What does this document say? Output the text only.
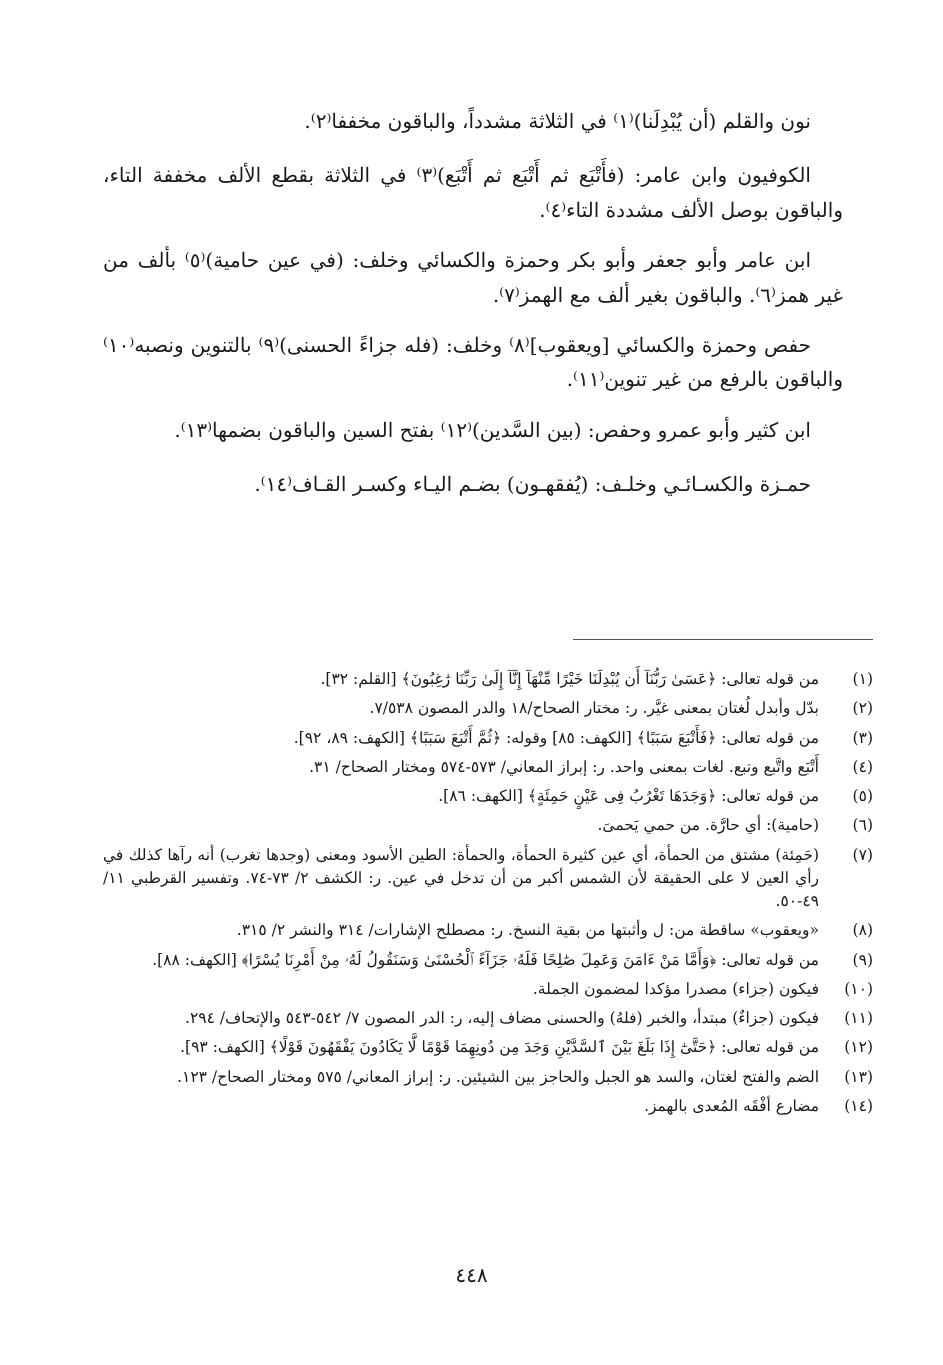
نون والقلم (أن يُبْدِلَنا)⁽١⁾ في الثلاثة مشدداً، والباقون مخففا⁽٢⁾.

الكوفيون وابن عامر: (فأَتْبَع ثم أَتْبَع ثم أَتْبَع)⁽٣⁾ في الثلاثة بقطع الألف مخففة التاء، والباقون بوصل الألف مشددة التاء⁽٤⁾.

ابن عامر وأبو جعفر وأبو بكر وحمزة والكسائي وخلف: (في عين حامية)⁽٥⁾ بألف من غير همز⁽٦⁾. والباقون بغير ألف مع الهمز⁽٧⁾.

حفص وحمزة والكسائي [ويعقوب]⁽٨⁾ وخلف: (فله جزاءً الحسنى)⁽٩⁾ بالتنوين ونصبه⁽١٠⁾ والباقون بالرفع من غير تنوين⁽١١⁾.

ابن كثير وأبو عمرو وحفص: (بين السَّدين)⁽١٢⁾ بفتح السين والباقون بضمها⁽١٣⁾.

حمـزة والكسـائـي وخلـف: (يُفقهـون) بضـم اليـاء وكسـر القـاف⁽١٤⁾.

(١)
من قوله تعالى: ﴿عَسَىٰ رَبُّنَآ أَن يُبْدِلَنَا خَيْرًا مِّنْهَآ إِنَّآ إِلَىٰ رَبِّنَا رَٰغِبُونَ﴾ [القلم: ٣٢].
(٢)
بدّل وأبدل لُغتان بمعنى غيَّر. ر: مختار الصحاح/١٨ والدر المصون ٧/٥٣٨.
(٣)
من قوله تعالى: ﴿فَأَتْبَعَ سَبَبًا﴾ [الكهف: ٨٥] وقوله: ﴿ثُمَّ أَتْبَعَ سَبَبًا﴾ [الكهف: ٨٩، ٩٢].
(٤)
أَتْبَع واتَّبع وتبع. لغات بمعنى واحد. ر: إبراز المعاني/ ٥٧٣-٥٧٤ ومختار الصحاح/ ٣١.
(٥)
من قوله تعالى: ﴿وَجَدَهَا تَغْرُبُ فِى عَيْنٍ حَمِئَةٍ﴾ [الكهف: ٨٦].
(٦)
(حامية): أي حارَّة. من حمي يَحمىَ.
(٧)
(حَمِئة) مشتق من الحمأة، أي عين كثيرة الحمأة، والحمأة: الطين الأسود ومعنى (وجدها تغرب) أنه رآها كذلك في رأي العين لا على الحقيقة لأن الشمس أكبر من أن تدخل في عين. ر: الكشف ٢/ ٧٣-٧٤. وتفسير القرطبي ١١/ ٤٩-٥٠.
(٨)
«ويعقوب» ساقطة من: ل وأثبتها من بقية النسخ. ر: مصطلح الإشارات/ ٣١٤ والنشر ٢/ ٣١٥.
(٩)
من قوله تعالى: ﴿وَأَمَّا مَنْ ءَامَنَ وَعَمِلَ صَٰلِحًا فَلَهُۥ جَزَآءً ٱلْحُسْنَىٰ وَسَنَقُولُ لَهُۥ مِنْ أَمْرِنَا يُسْرًا﴾ [الكهف: ٨٨].
(١٠)
فيكون (جزاء) مصدرا مؤكدا لمضمون الجملة.
(١١)
فيكون (جزاءٌ) مبتدأ، والخبر (فلهُ) والحسنى مضاف إليه، ر: الدر المصون ٧/ ٥٤٢-٥٤٣ والإتحاف/ ٢٩٤.
(١٢)
من قوله تعالى: ﴿حَتَّىٰٓ إِذَا بَلَغَ بَيْنَ ٱلسَّدَّيْنِ وَجَدَ مِن دُونِهِمَا قَوْمًا لَّا يَكَادُونَ يَفْقَهُونَ قَوْلًا﴾ [الكهف: ٩٣].
(١٣)
الضم والفتح لغتان، والسد هو الجبل والحاجز بين الشيئين. ر: إبراز المعاني/ ٥٧٥ ومختار الصحاح/ ١٢٣.
(١٤)
مضارع أفْقَه المُعدى بالهمز.
٤٤٨
